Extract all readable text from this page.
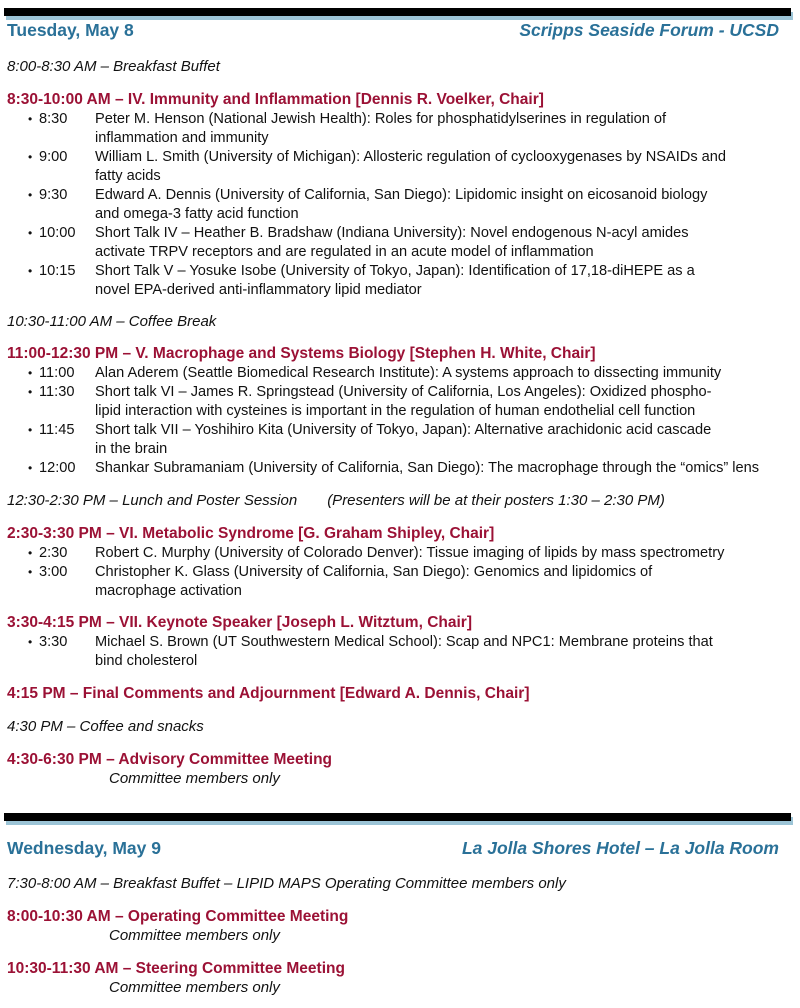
Tuesday, May 8	Scripps Seaside Forum - UCSD
8:00-8:30 AM – Breakfast Buffet
8:30-10:00 AM – IV. Immunity and Inflammation [Dennis R. Voelker, Chair]
• 8:30 Peter M. Henson (National Jewish Health): Roles for phosphatidylserines in regulation of
inflammation and immunity
• 9:00 William L. Smith (University of Michigan): Allosteric regulation of cyclooxygenases by NSAIDs and
fatty acids
• 9:30 Edward A. Dennis (University of California, San Diego): Lipidomic insight on eicosanoid biology
and omega-3 fatty acid function
• 10:00 Short Talk IV – Heather B. Bradshaw (Indiana University): Novel endogenous N-acyl amides
activate TRPV receptors and are regulated in an acute model of inflammation
• 10:15 Short Talk V – Yosuke Isobe (University of Tokyo, Japan): Identification of 17,18-diHEPE as a
novel EPA-derived anti-inflammatory lipid mediator
10:30-11:00 AM – Coffee Break
11:00-12:30 PM – V. Macrophage and Systems Biology [Stephen H. White, Chair]
• 11:00 Alan Aderem (Seattle Biomedical Research Institute): A systems approach to dissecting immunity
• 11:30 Short talk VI – James R. Springstead (University of California, Los Angeles): Oxidized phospho-
lipid interaction with cysteines is important in the regulation of human endothelial cell function
• 11:45 Short talk VII – Yoshihiro Kita (University of Tokyo, Japan): Alternative arachidonic acid cascade
in the brain
• 12:00 Shankar Subramaniam (University of California, San Diego): The macrophage through the “omics” lens
12:30-2:30 PM – Lunch and Poster Session (Presenters will be at their posters 1:30 – 2:30 PM)
2:30-3:30 PM – VI. Metabolic Syndrome [G. Graham Shipley, Chair]
• 2:30 Robert C. Murphy (University of Colorado Denver): Tissue imaging of lipids by mass spectrometry
• 3:00 Christopher K. Glass (University of California, San Diego): Genomics and lipidomics of
macrophage activation
3:30-4:15 PM – VII. Keynote Speaker [Joseph L. Witztum, Chair]
• 3:30 Michael S. Brown (UT Southwestern Medical School): Scap and NPC1: Membrane proteins that
bind cholesterol
4:15 PM – Final Comments and Adjournment [Edward A. Dennis, Chair]
4:30 PM – Coffee and snacks
4:30-6:30 PM – Advisory Committee Meeting
Committee members only
Wednesday, May 9	La Jolla Shores Hotel – La Jolla Room
7:30-8:00 AM – Breakfast Buffet – LIPID MAPS Operating Committee members only
8:00-10:30 AM – Operating Committee Meeting
Committee members only
10:30-11:30 AM – Steering Committee Meeting
Committee members only
